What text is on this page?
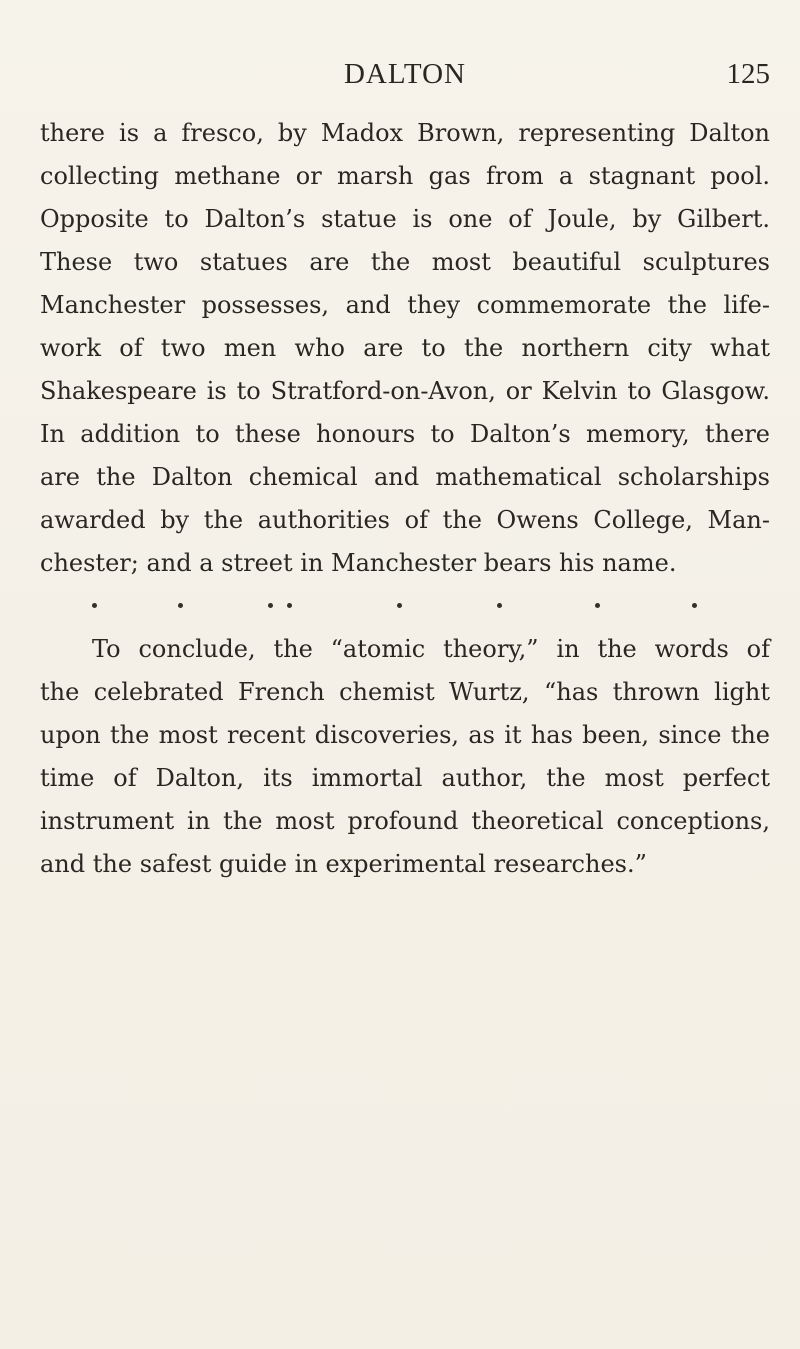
DALTON	125
there is a fresco, by Madox Brown, representing Dalton
collecting methane or marsh gas from a stagnant pool.
Opposite to Dalton’s statue is one of Joule, by Gilbert.
These two statues are the most beautiful sculptures
Manchester possesses, and they commemorate the life-
work of two men who are to the northern city what
Shakespeare is to Stratford-on-Avon, or Kelvin to Glasgow.
In addition to these honours to Dalton’s memory, there
are the Dalton chemical and mathematical scholarships
awarded by the authorities of the Owens College, Man-
chester; and a street in Manchester bears his name.
To conclude, the “atomic theory,” in the words of
the celebrated French chemist Wurtz, “has thrown light
upon the most recent discoveries, as it has been, since the
time of Dalton, its immortal author, the most perfect
instrument in the most profound theoretical conceptions,
and the safest guide in experimental researches.”
